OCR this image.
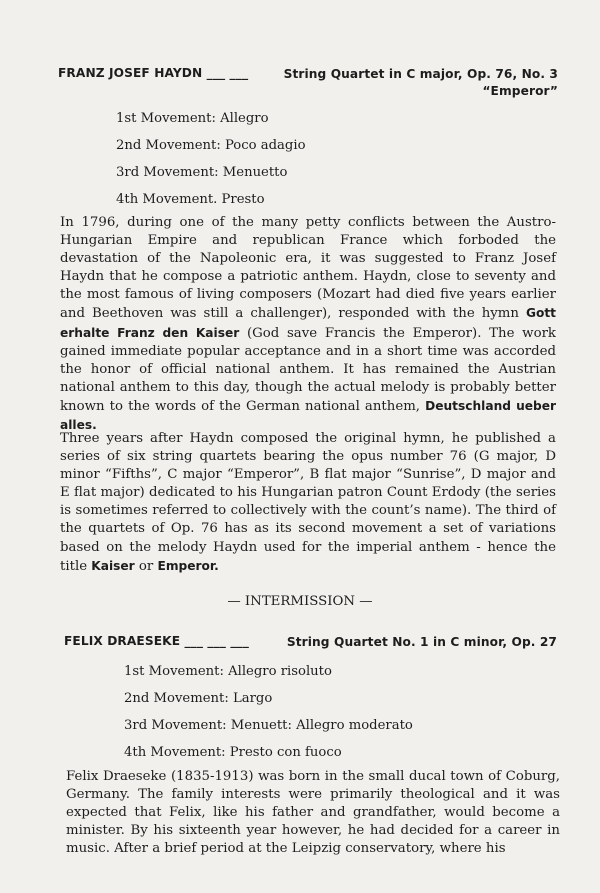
FRANZ JOSEF HAYDN ___ ___	String Quartet in C major, Op. 76, No. 3
“Emperor”
1st Movement: Allegro
2nd Movement: Poco adagio
3rd Movement: Menuetto
4th Movement. Presto

In 1796, during one of the many petty conflicts between the Austro-Hungarian Empire and republican France which forboded the devastation of the Napoleonic era, it was suggested to Franz Josef Haydn that he compose a patriotic anthem. Haydn, close to seventy and the most famous of living composers (Mozart had died five years earlier and Beethoven was still a challenger), responded with the hymn Gott erhalte Franz den Kaiser (God save Francis the Emperor). The work gained immediate popular acceptance and in a short time was accorded the honor of official national anthem. It has remained the Austrian national anthem to this day, though the actual melody is probably better known to the words of the German national anthem, Deutschland ueber alles.

Three years after Haydn composed the original hymn, he published a series of six string quartets bearing the opus number 76 (G major, D minor “Fifths”, C major “Emperor”, B flat major “Sunrise”, D major and E flat major) dedicated to his Hungarian patron Count Erdody (the series is sometimes referred to collectively with the count’s name). The third of the quartets of Op. 76 has as its second movement a set of variations based on the melody Haydn used for the imperial anthem - hence the title Kaiser or Emperor.

— INTERMISSION —
FELIX DRAESEKE ___ ___ ___	String Quartet No. 1 in C minor, Op. 27
1st Movement: Allegro risoluto
2nd Movement: Largo
3rd Movement: Menuett: Allegro moderato
4th Movement: Presto con fuoco

Felix Draeseke (1835-1913) was born in the small ducal town of Coburg, Germany. The family interests were primarily theological and it was expected that Felix, like his father and grandfather, would become a minister. By his sixteenth year however, he had decided for a career in music. After a brief period at the Leipzig conservatory, where his
